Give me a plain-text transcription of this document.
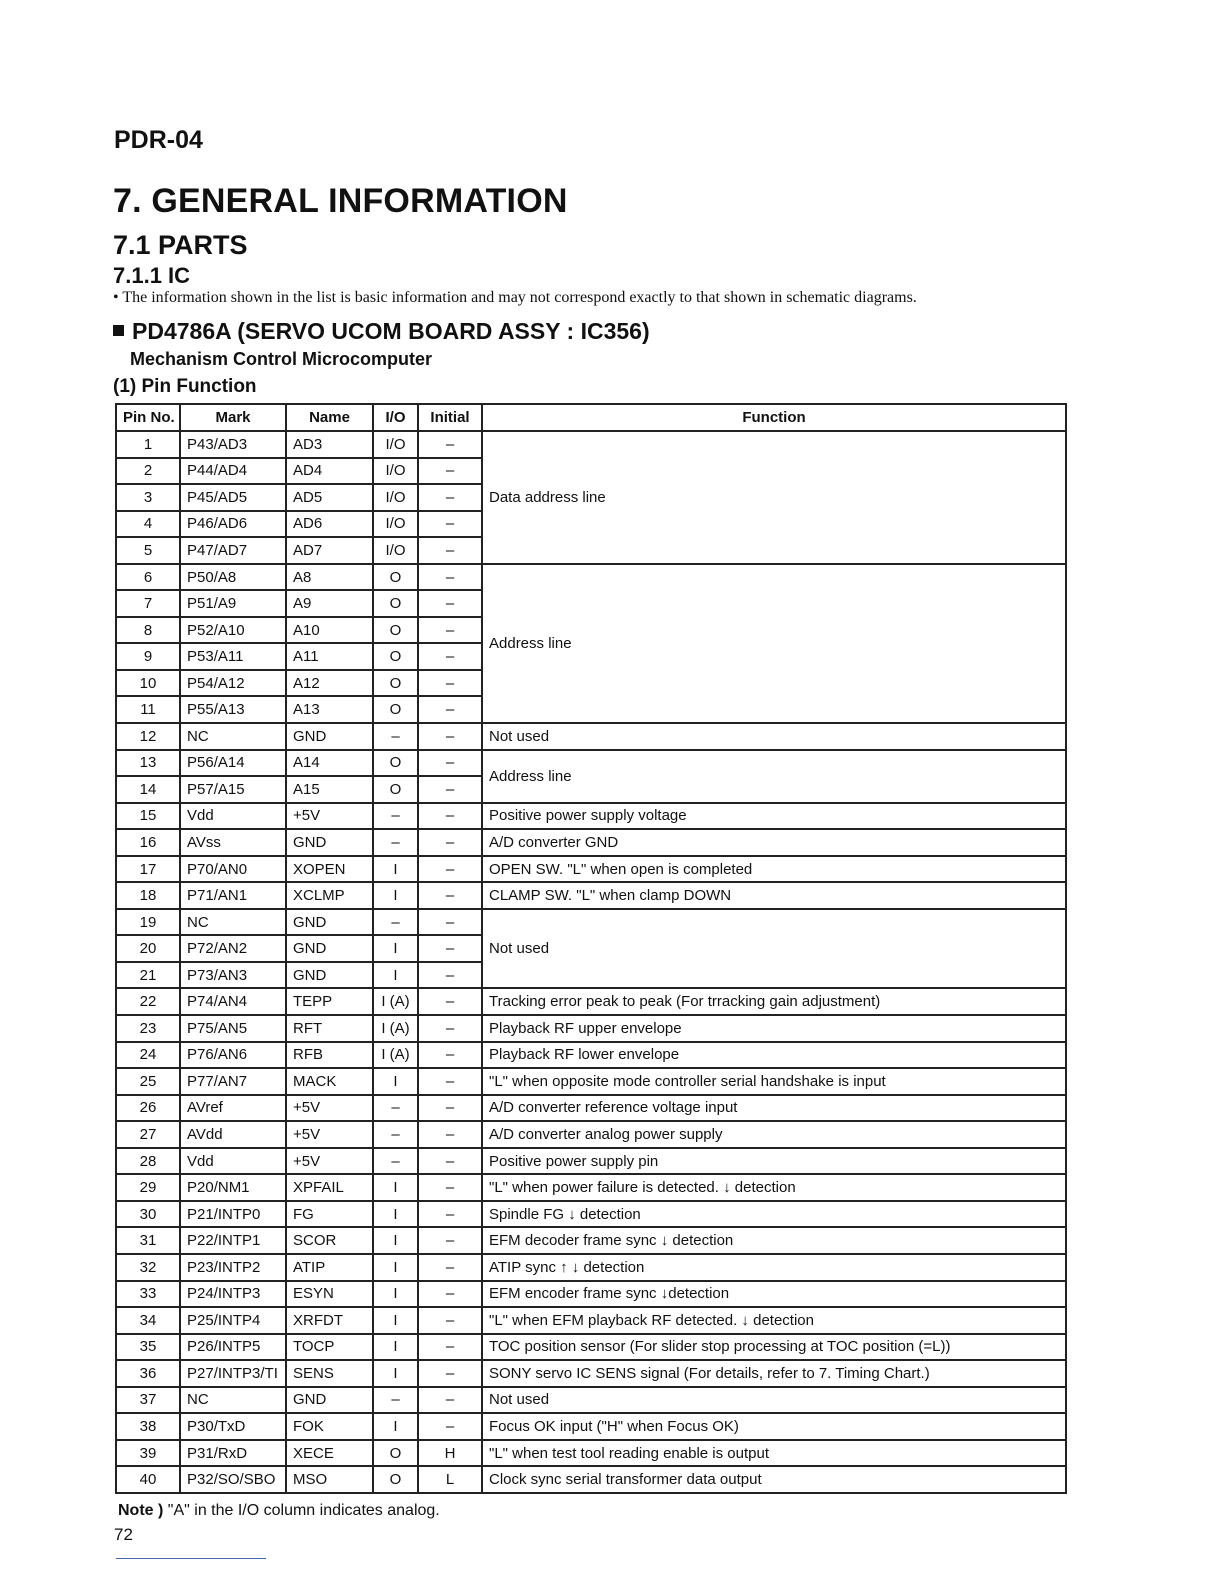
PDR-04
7. GENERAL INFORMATION
7.1 PARTS
7.1.1 IC
• The information shown in the list is basic information and may not correspond exactly to that shown in schematic diagrams.
PD4786A (SERVO UCOM BOARD ASSY : IC356)
Mechanism Control Microcomputer
(1) Pin Function
Pin No.	Mark	Name	I/O	Initial	Function
1	P43/AD3	AD3	I/O	–	Data address line
2	P44/AD4	AD4	I/O	–	
3	P45/AD5	AD5	I/O	–	
4	P46/AD6	AD6	I/O	–	
5	P47/AD7	AD7	I/O	–	
6	P50/A8	A8	O	–	Address line
7	P51/A9	A9	O	–	
8	P52/A10	A10	O	–	
9	P53/A11	A11	O	–	
10	P54/A12	A12	O	–	
11	P55/A13	A13	O	–	
12	NC	GND	–	–	Not used
13	P56/A14	A14	O	–	Address line
14	P57/A15	A15	O	–	
15	Vdd	+5V	–	–	Positive power supply voltage
16	AVss	GND	–	–	A/D converter GND
17	P70/AN0	XOPEN	I	–	OPEN SW. "L" when open is completed
18	P71/AN1	XCLMP	I	–	CLAMP SW. "L" when clamp DOWN
19	NC	GND	–	–	Not used
20	P72/AN2	GND	I	–	
21	P73/AN3	GND	I	–	
22	P74/AN4	TEPP	I (A)	–	Tracking error peak to peak (For trracking gain adjustment)
23	P75/AN5	RFT	I (A)	–	Playback RF upper envelope
24	P76/AN6	RFB	I (A)	–	Playback RF lower envelope
25	P77/AN7	MACK	I	–	"L" when opposite mode controller serial handshake is input
26	AVref	+5V	–	–	A/D converter reference voltage input
27	AVdd	+5V	–	–	A/D converter analog power supply
28	Vdd	+5V	–	–	Positive power supply pin
29	P20/NM1	XPFAIL	I	–	"L" when power failure is detected. ↓ detection
30	P21/INTP0	FG	I	–	Spindle FG ↓ detection
31	P22/INTP1	SCOR	I	–	EFM decoder frame sync ↓ detection
32	P23/INTP2	ATIP	I	–	ATIP sync ↑ ↓ detection
33	P24/INTP3	ESYN	I	–	EFM encoder frame sync ↓detection
34	P25/INTP4	XRFDT	I	–	"L" when EFM playback RF detected. ↓ detection
35	P26/INTP5	TOCP	I	–	TOC position sensor (For slider stop processing at TOC position (=L))
36	P27/INTP3/TI	SENS	I	–	SONY servo IC SENS signal (For details, refer to 7. Timing Chart.)
37	NC	GND	–	–	Not used
38	P30/TxD	FOK	I	–	Focus OK input ("H" when Focus OK)
39	P31/RxD	XECE	O	H	"L" when test tool reading enable is output
40	P32/SO/SBO	MSO	O	L	Clock sync serial transformer data output
Note ) "A" in the I/O column indicates analog.
72
